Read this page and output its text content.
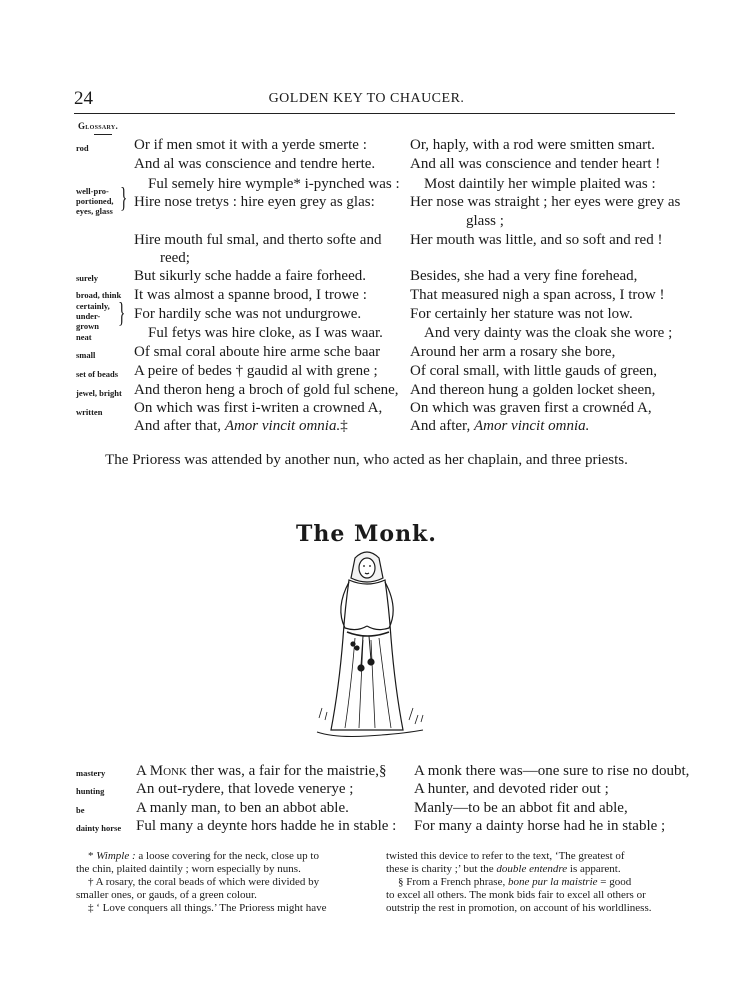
24	GOLDEN KEY TO CHAUCER.
Glossary.
rod
well-pro-
portioned,
eyes, glass }
surely
broad, think
certainly,
under-
grown }
neat
small
set of beads
jewel, bright
written
Or if men smot it with a yerde smerte :
And al was conscience and tendre herte.
Ful semely hire wymple* i-pynched was :
Hire nose tretys : hire eyen grey as glas:
Hire mouth ful smal, and therto softe and
reed;
But sikurly sche hadde a faire forheed.
It was almost a spanne brood, I trowe :
For hardily sche was not undurgrowe.
Ful fetys was hire cloke, as I was waar.
Of smal coral aboute hire arme sche baar
A peire of bedes † gaudid al with grene ;
And theron heng a broch of gold ful schene,
On which was first i-writen a crowned A,
And after that, Amor vincit omnia.‡
Or, haply, with a rod were smitten smart.
And all was conscience and tender heart !
Most daintily her wimple plaited was :
Her nose was straight ; her eyes were grey as
glass ;
Her mouth was little, and so soft and red !
Besides, she had a very fine forehead,
That measured nigh a span across, I trow !
For certainly her stature was not low.
And very dainty was the cloak she wore ;
Around her arm a rosary she bore,
Of coral small, with little gauds of green,
And thereon hung a golden locket sheen,
On which was graven first a crownéd A,
And after, Amor vincit omnia.
The Prioress was attended by another nun, who acted as her chaplain, and three priests.
The Monk.
mastery
hunting
be
dainty horse
A Monk ther was, a fair for the maistrie,§
An out-rydere, that lovede venerye ;
A manly man, to ben an abbot able.
Ful many a deynte hors hadde he in stable :
A monk there was—one sure to rise no doubt,
A hunter, and devoted rider out ;
Manly—to be an abbot fit and able,
For many a dainty horse had he in stable ;
* Wimple : a loose covering for the neck, close up to
the chin, plaited daintily ; worn especially by nuns.
† A rosary, the coral beads of which were divided by
smaller ones, or gauds, of a green colour.
‡ ‘ Love conquers all things.’ The Prioress might have
twisted this device to refer to the text, ‘The greatest of
these is charity ;’ but the double entendre is apparent.
§ From a French phrase, bone pur la maistrie = good
to excel all others. The monk bids fair to excel all others or
outstrip the rest in promotion, on account of his worldliness.
